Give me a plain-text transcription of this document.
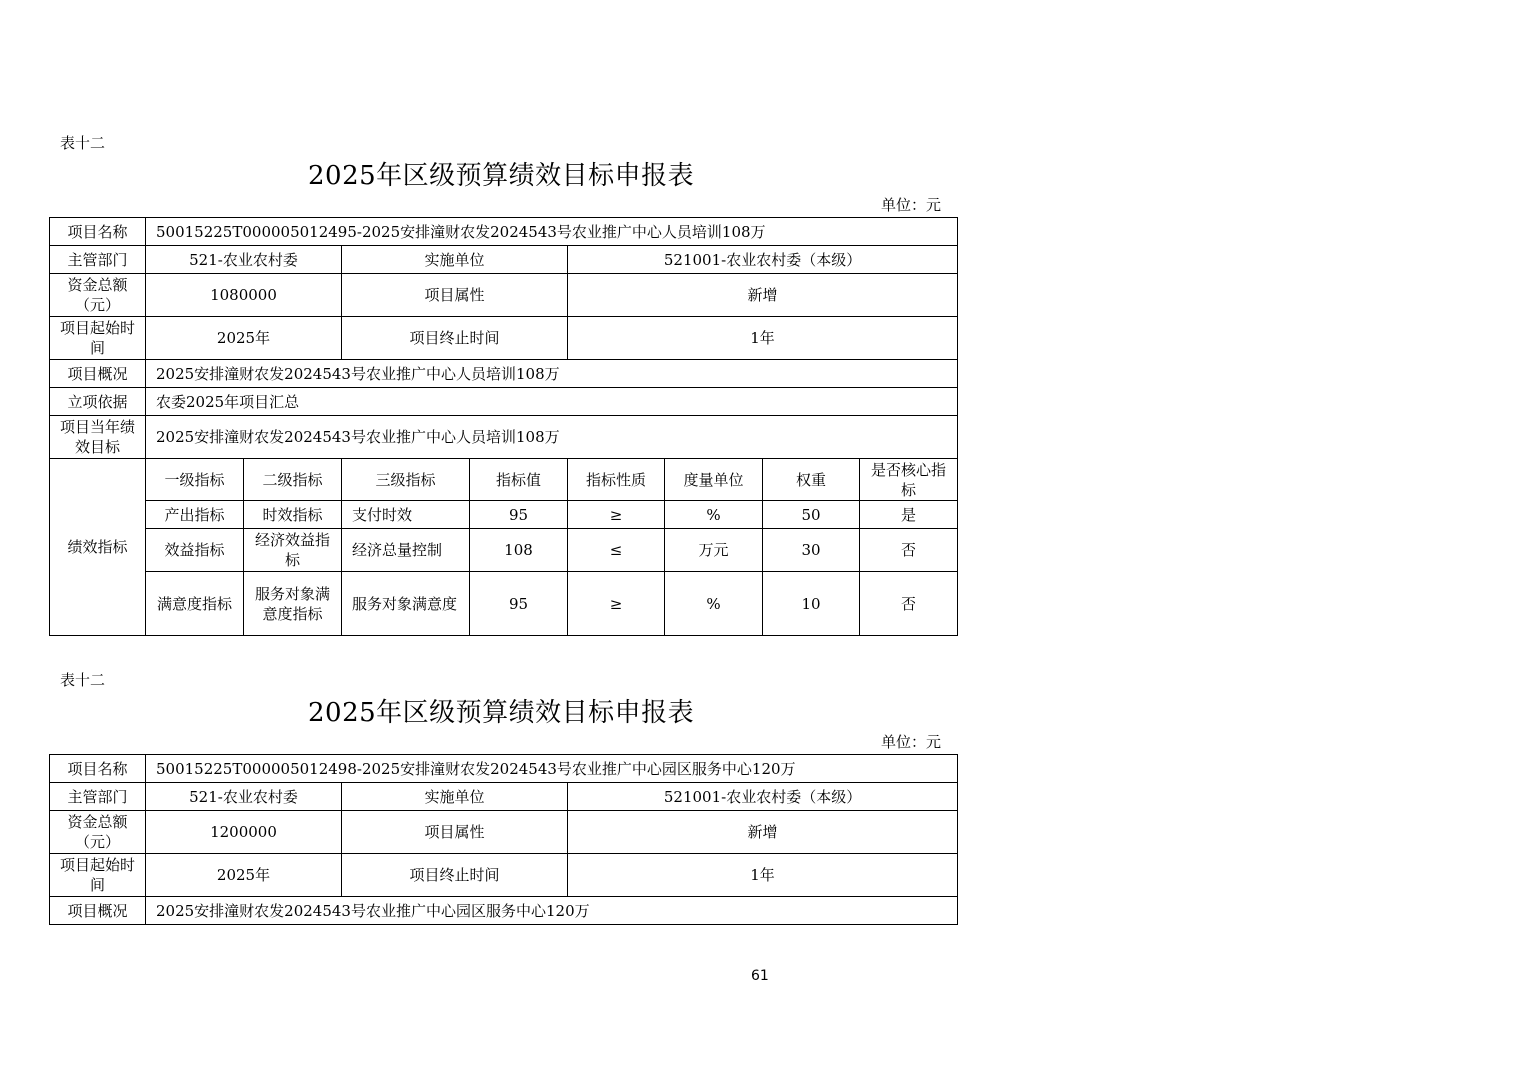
表十二
2025年区级预算绩效目标申报表
单位：元
项目名称	50015225T000005012495-2025安排潼财农发2024543号农业推广中心人员培训108万							
主管部门	521-农业农村委		实施单位		521001-农业农村委（本级）			
资金总额（元）	1080000		项目属性		新增			
项目起始时间	2025年		项目终止时间		1年			
项目概况	2025安排潼财农发2024543号农业推广中心人员培训108万							
立项依据	农委2025年项目汇总							
项目当年绩效目标	2025安排潼财农发2024543号农业推广中心人员培训108万							
绩效指标	一级指标	二级指标	三级指标	指标值	指标性质	度量单位	权重	是否核心指标
	产出指标	时效指标	支付时效	95	≥	%	50	是
	效益指标	经济效益指标	经济总量控制	108	≤	万元	30	否
	满意度指标	服务对象满意度指标	服务对象满意度	95	≥	%	10	否
表十二
2025年区级预算绩效目标申报表
单位：元
项目名称	50015225T000005012498-2025安排潼财农发2024543号农业推广中心园区服务中心120万		
主管部门	521-农业农村委	实施单位	521001-农业农村委（本级）
资金总额（元）	1200000	项目属性	新增
项目起始时间	2025年	项目终止时间	1年
项目概况	2025安排潼财农发2024543号农业推广中心园区服务中心120万		
61
